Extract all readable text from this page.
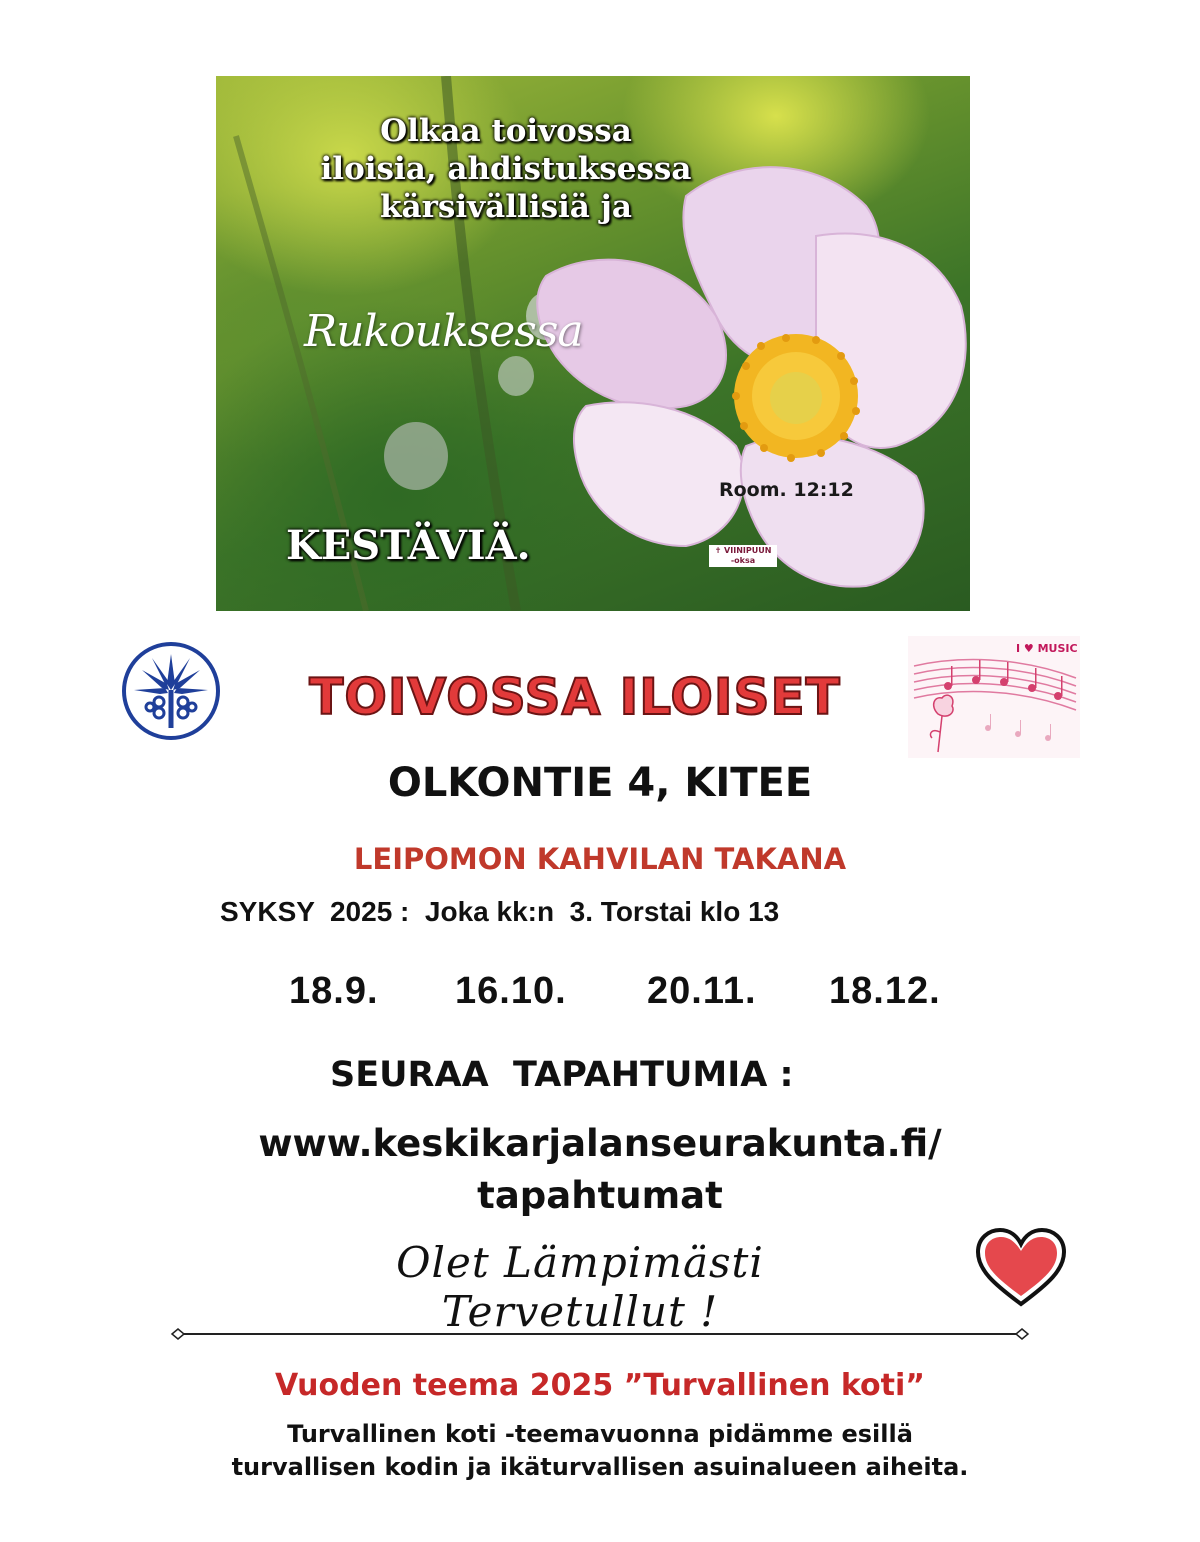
Olkaa toivossa
iloisia, ahdistuksessa
kärsivällisiä ja
Rukouksessa
KESTÄVIÄ.
Room. 12:12
✝ VIINIPUUN
-oksa
I ♥ MUSIC
TOIVOSSA ILOISET
OLKONTIE 4, KITEE
LEIPOMON KAHVILAN TAKANA
SYKSY  2025 :  Joka kk:n  3. Torstai klo 13
18.9. 16.10. 20.11. 18.12.
SEURAA  TAPAHTUMIA :
www.keskikarjalanseurakunta.fi/
tapahtumat
Olet Lämpimästi Tervetullut !
Vuoden teema 2025 ”Turvallinen koti”
Turvallinen koti -teemavuonna pidämme esillä
turvallisen kodin ja ikäturvallisen asuinalueen aiheita.
